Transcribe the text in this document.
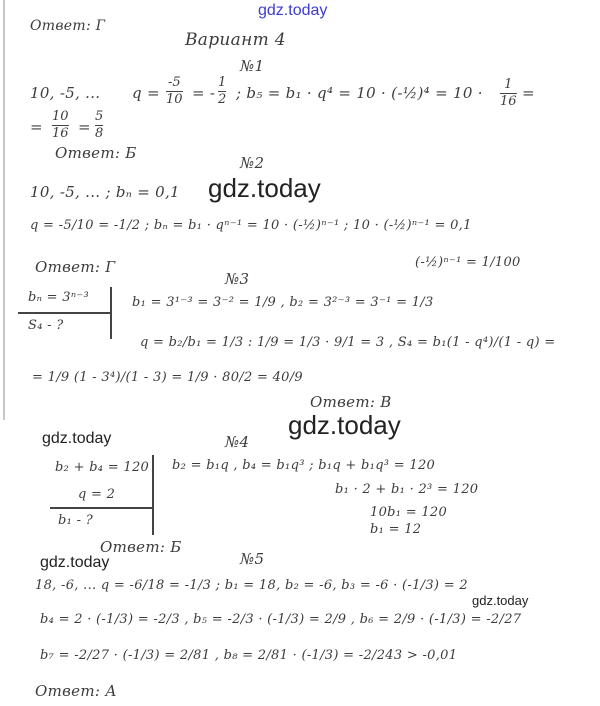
gdz.today
Ответ: Г
Вариант 4
№1
10, -5, ... q =
-5
10 = -
1
2 ; b₅ = b₁ · q⁴ = 10 · (-½)⁴ = 10 · 1
16 =
=
10
16 =
5
8
Ответ: Б
№2
10, -5, ... ; bₙ = 0,1 gdz.today
q = -5/10 = -1/2 ; bₙ = b₁ · qⁿ⁻¹ = 10 · (-½)ⁿ⁻¹ ; 10 · (-½)ⁿ⁻¹ = 0,1
(-½)ⁿ⁻¹ = 1/100
Ответ: Г
№3
bₙ = 3ⁿ⁻³
S₄ - ?
b₁ = 3¹⁻³ = 3⁻² = 1/9 , b₂ = 3²⁻³ = 3⁻¹ = 1/3
q = b₂/b₁ = 1/3 : 1/9 = 1/3 · 9/1 = 3 , S₄ = b₁(1 - q⁴)/(1 - q) =
= 1/9 (1 - 3⁴)/(1 - 3) = 1/9 · 80/2 = 40/9
Ответ: В
gdz.today
№4
gdz.today
b₂ + b₄ = 120
q = 2
b₁ - ?
b₂ = b₁q , b₄ = b₁q³ ; b₁q + b₁q³ = 120
b₁ · 2 + b₁ · 2³ = 120
10b₁ = 120
b₁ = 12
Ответ: Б
gdz.today	№5
18, -6, ... q = -6/18 = -1/3 ; b₁ = 18, b₂ = -6, b₃ = -6 · (-1/3) = 2
gdz.today
b₄ = 2 · (-1/3) = -2/3 , b₅ = -2/3 · (-1/3) = 2/9 , b₆ = 2/9 · (-1/3) = -2/27
b₇ = -2/27 · (-1/3) = 2/81 , b₈ = 2/81 · (-1/3) = -2/243 > -0,01
Ответ: А
